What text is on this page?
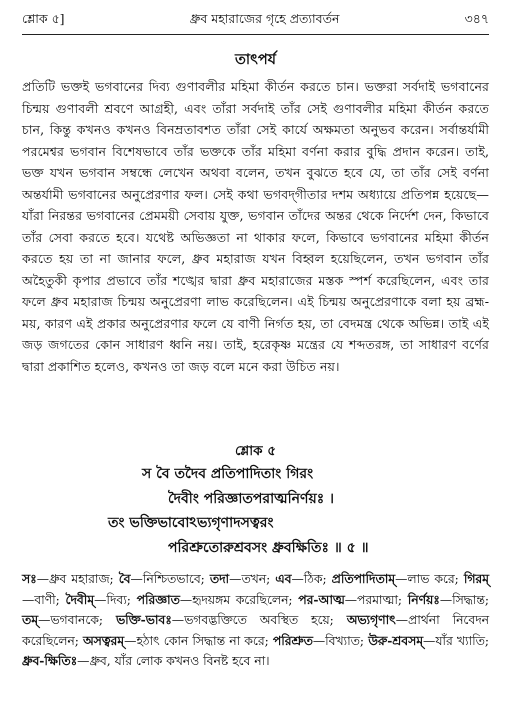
শ্লোক ৫]	ধ্রুব মহারাজের গৃহে প্রত্যাবর্তন	৩৪৭
তাৎপর্য
প্রতিটি ভক্তই ভগবানের দিব্য গুণাবলীর মহিমা কীর্তন করতে চান। ভক্তরা সর্বদাই ভগবানের চিন্ময় গুণাবলী শ্রবণে আগ্রহী, এবং তাঁরা সর্বদাই তাঁর সেই গুণাবলীর মহিমা কীর্তন করতে চান, কিন্তু কখনও কখনও বিনম্রতাবশত তাঁরা সেই কার্যে অক্ষমতা অনুভব করেন। সর্বান্তর্যামী পরমেশ্বর ভগবান বিশেষভাবে তাঁর ভক্তকে তাঁর মহিমা বর্ণনা করার বুদ্ধি প্রদান করেন। তাই, ভক্ত যখন ভগবান সম্বন্ধে লেখেন অথবা বলেন, তখন বুঝতে হবে যে, তা তাঁর সেই বর্ণনা অন্তর্যামী ভগবানের অনুপ্রেরণার ফল। সেই কথা ভগবদ্‌গীতার দশম অধ্যায়ে প্রতিপন্ন হয়েছে—যাঁরা নিরন্তর ভগবানের প্রেমময়ী সেবায় যুক্ত, ভগবান তাঁদের অন্তর থেকে নির্দেশ দেন, কিভাবে তাঁর সেবা করতে হবে। যথেষ্ট অভিজ্ঞতা না থাকার ফলে, কিভাবে ভগবানের মহিমা কীর্তন করতে হয় তা না জানার ফলে, ধ্রুব মহারাজ যখন বিহ্বল হয়েছিলেন, তখন ভগবান তাঁর অহৈতুকী কৃপার প্রভাবে তাঁর শঙ্খের দ্বারা ধ্রুব মহারাজের মস্তক স্পর্শ করেছিলেন, এবং তার ফলে ধ্রুব মহারাজ চিন্ময় অনুপ্রেরণা লাভ করেছিলেন। এই চিন্ময় অনুপ্রেরণাকে বলা হয় ব্রহ্ম-ময়, কারণ এই প্রকার অনুপ্রেরণার ফলে যে বাণী নির্গত হয়, তা বেদমন্ত্র থেকে অভিন্ন। তাই এই জড় জগতের কোন সাধারণ ধ্বনি নয়। তাই, হরেকৃষ্ণ মন্ত্রের যে শব্দতরঙ্গ, তা সাধারণ বর্ণের দ্বারা প্রকাশিত হলেও, কখনও তা জড় বলে মনে করা উচিত নয়।
শ্লোক ৫
স বৈ তদৈব প্রতিপাদিতাং গিরং
দৈবীং পরিজ্ঞাতপরাত্মনির্ণয়ঃ ।
তং ভক্তিভাবোঽভ্যগৃণাদসত্বরং
পরিশ্রুতোরুশ্রবসং ধ্রুবক্ষিতিঃ ॥ ৫ ॥
সঃ—ধ্রুব মহারাজ; বৈ—নিশ্চিতভাবে; তদা—তখন; এব—ঠিক; প্রতিপাদিতাম্—লাভ করে; গিরম্—বাণী; দৈবীম্—দিব্য; পরিজ্ঞাত—হৃদয়ঙ্গম করেছিলেন; পর-আত্ম—পরমাত্মা; নির্ণয়ঃ—সিদ্ধান্ত; তম্—ভগবানকে; ভক্তি-ভাবঃ—ভগবদ্ভক্তিতে অবস্থিত হয়ে; অভ্যগৃণাৎ—প্রার্থনা নিবেদন করেছিলেন; অসত্বরম্—হঠাৎ কোন সিদ্ধান্ত না করে; পরিশ্রুত—বিখ্যাত; উরু-শ্রবসম্—যাঁর খ্যাতি; ধ্রুব-ক্ষিতিঃ—ধ্রুব, যাঁর লোক কখনও বিনষ্ট হবে না।
